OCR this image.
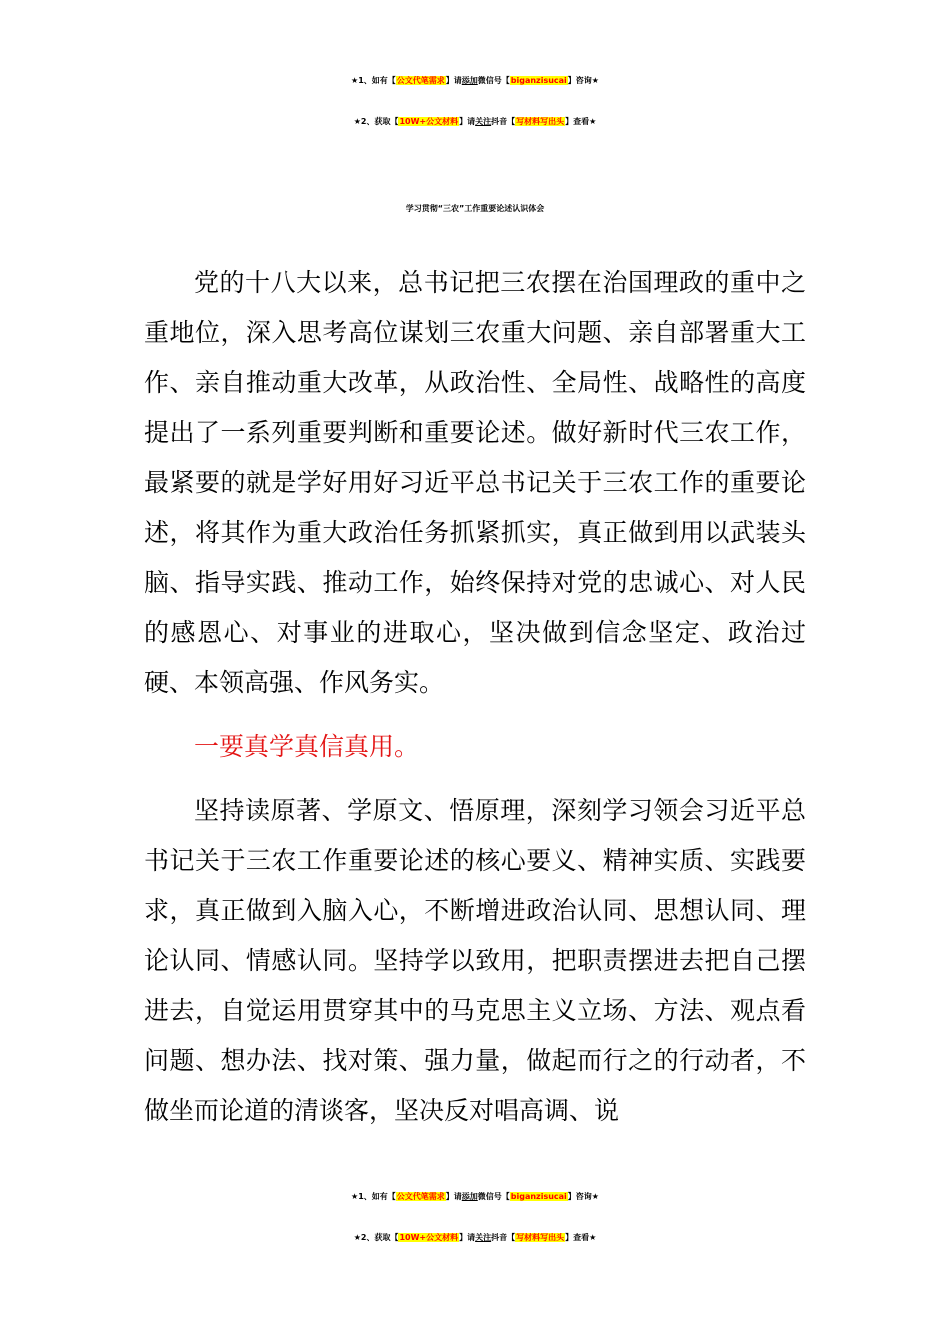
★1、如有【公文代笔需求】请添加微信号【biganzisucai】咨询★
★2、获取【10W+公文材料】请关注抖音【写材料写出头】查看★
学习贯彻“三农”工作重要论述认识体会

党的十八大以来，总书记把三农摆在治国理政的重中之重地位，深入思考高位谋划三农重大问题、亲自部署重大工作、亲自推动重大改革，从政治性、全局性、战略性的高度提出了一系列重要判断和重要论述。做好新时代三农工作，最紧要的就是学好用好习近平总书记关于三农工作的重要论述，将其作为重大政治任务抓紧抓实，真正做到用以武装头脑、指导实践、推动工作，始终保持对党的忠诚心、对人民的感恩心、对事业的进取心，坚决做到信念坚定、政治过硬、本领高强、作风务实。

一要真学真信真用。

坚持读原著、学原文、悟原理，深刻学习领会习近平总书记关于三农工作重要论述的核心要义、精神实质、实践要求，真正做到入脑入心，不断增进政治认同、思想认同、理论认同、情感认同。坚持学以致用，把职责摆进去把自己摆进去，自觉运用贯穿其中的马克思主义立场、方法、观点看问题、想办法、找对策、强力量，做起而行之的行动者，不做坐而论道的清谈客，坚决反对唱高调、说

★1、如有【公文代笔需求】请添加微信号【biganzisucai】咨询★
★2、获取【10W+公文材料】请关注抖音【写材料写出头】查看★
